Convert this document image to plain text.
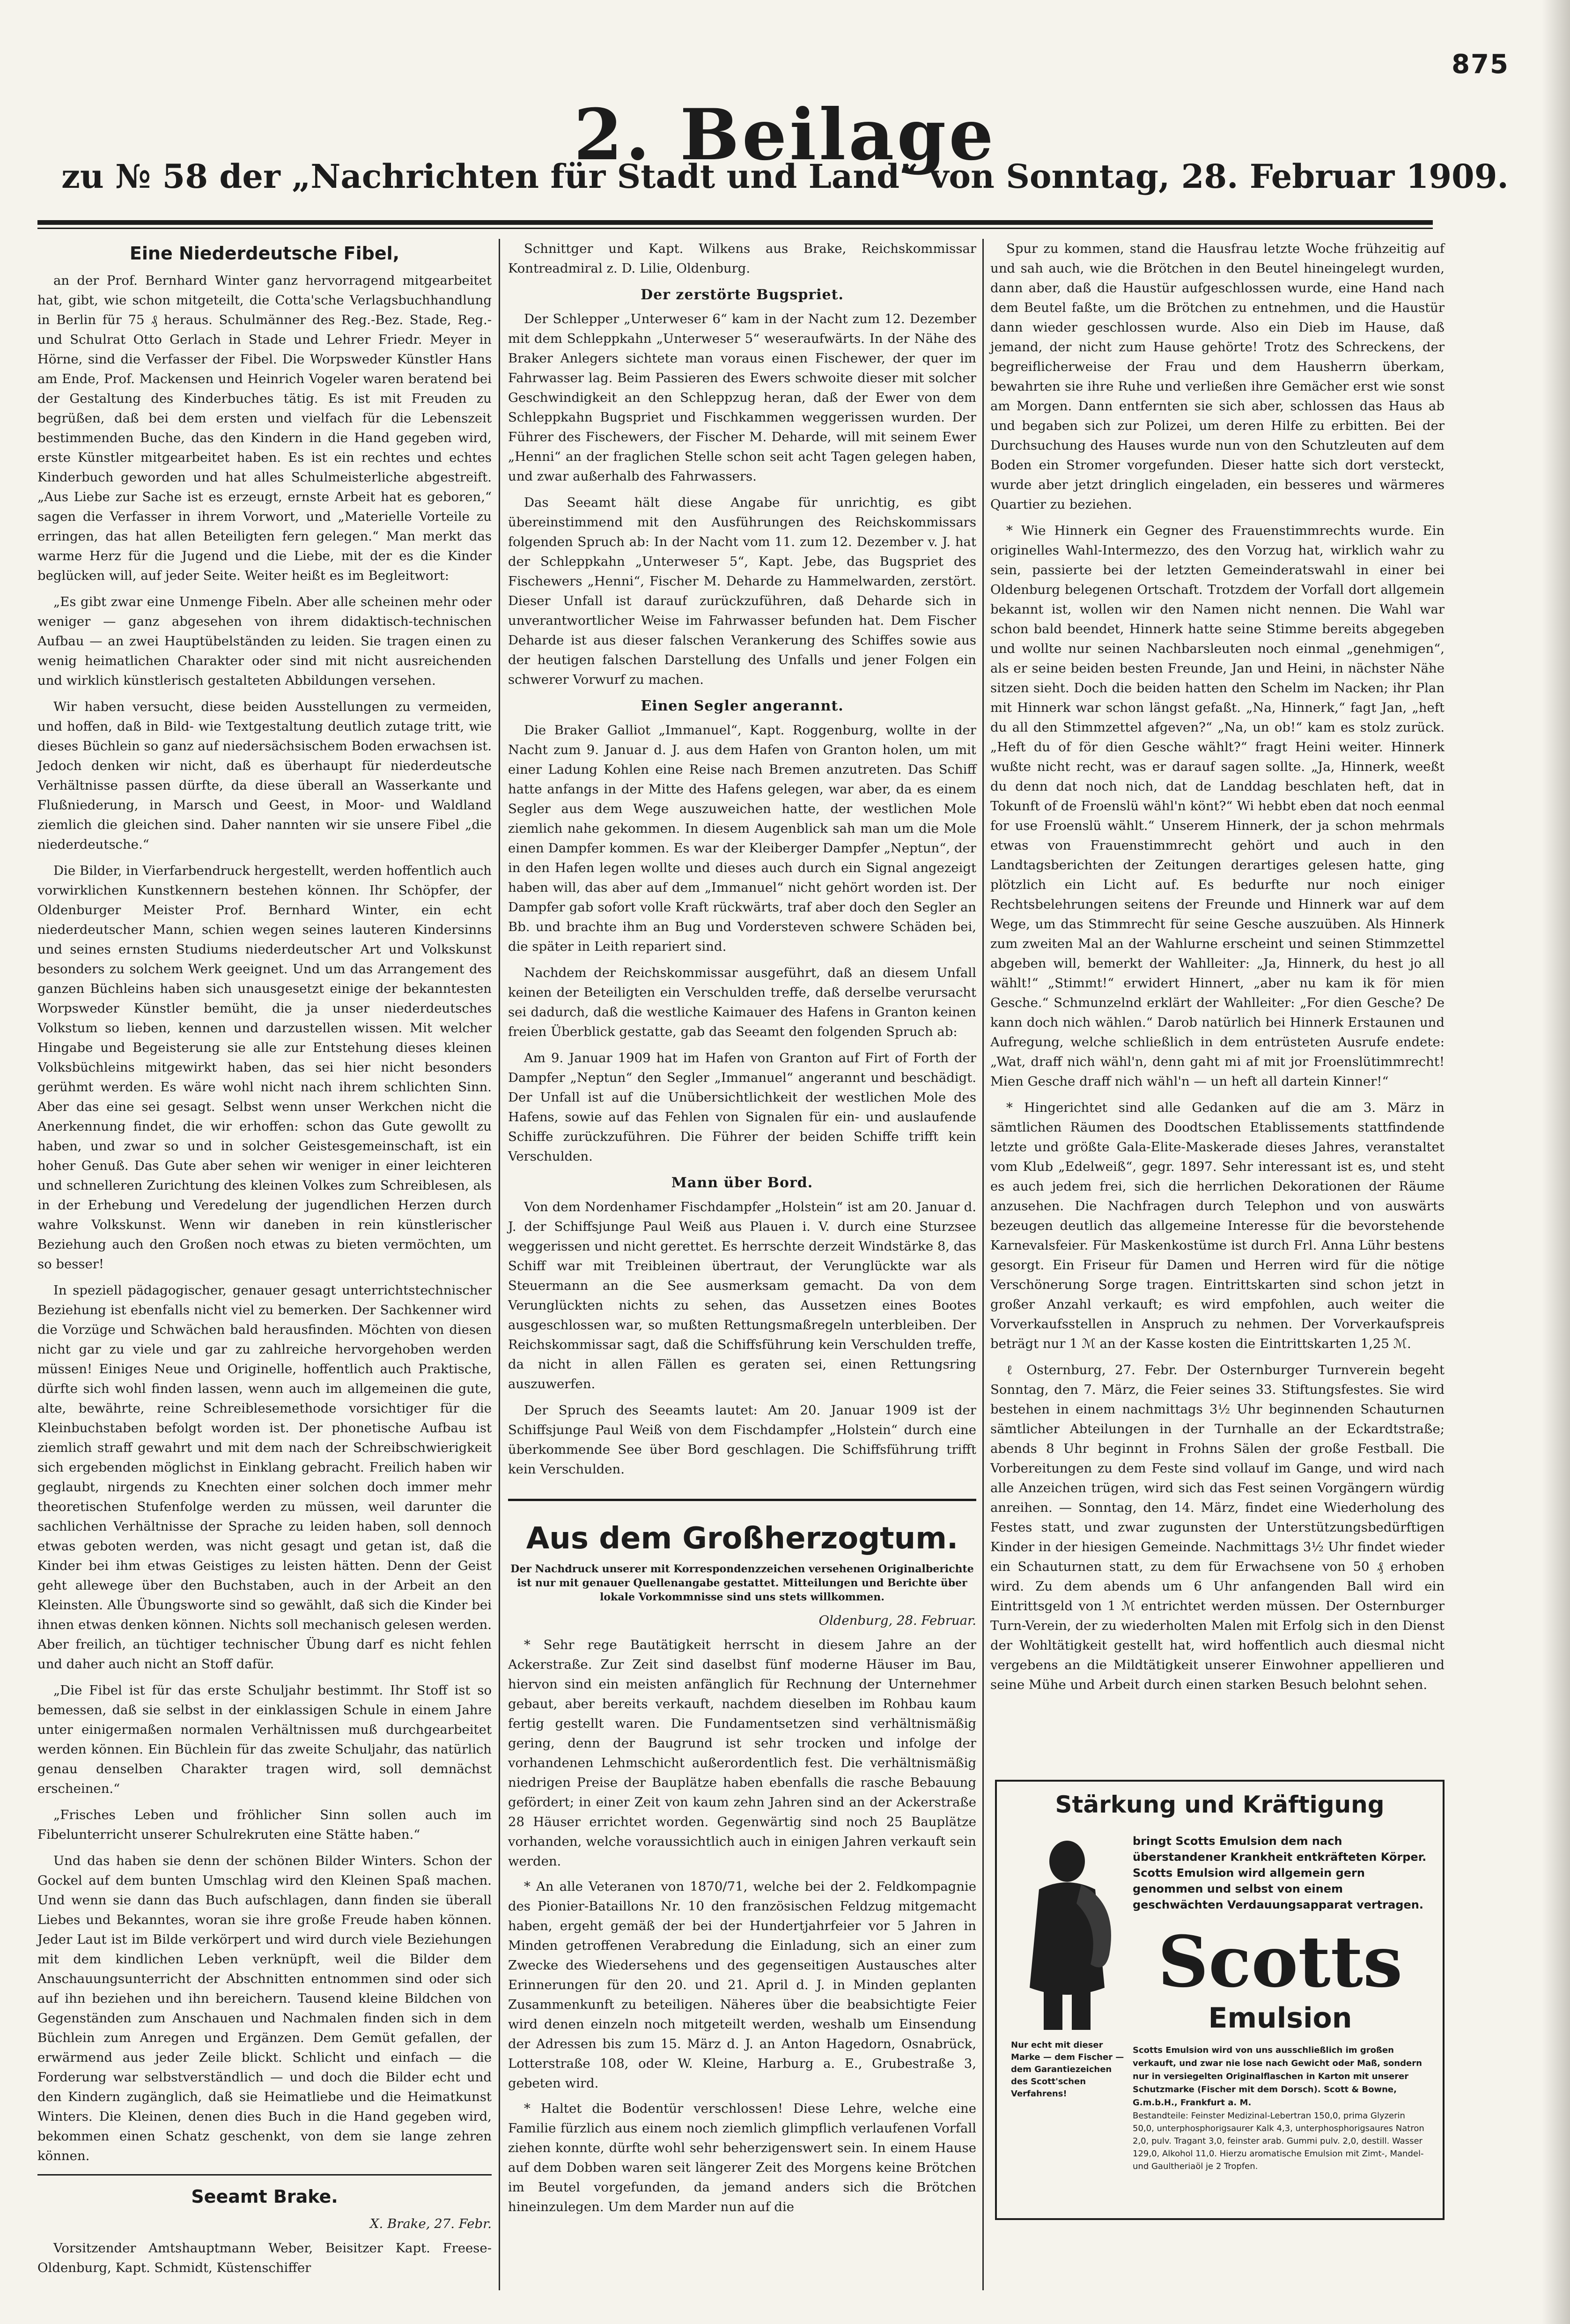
875
2. Beilage
zu № 58 der „Nachrichten für Stadt und Land“ von Sonntag, 28. Februar 1909.
Eine Niederdeutsche Fibel,

an der Prof. Bernhard Winter ganz hervorragend mitgearbeitet hat, gibt, wie schon mitgeteilt, die Cotta'sche Verlagsbuchhandlung in Berlin für 75 ₰ heraus. Schulmänner des Reg.-Bez. Stade, Reg.- und Schulrat Otto Gerlach in Stade und Lehrer Friedr. Meyer in Hörne, sind die Verfasser der Fibel. Die Worpsweder Künstler Hans am Ende, Prof. Mackensen und Heinrich Vogeler waren beratend bei der Gestaltung des Kinderbuches tätig. Es ist mit Freuden zu begrüßen, daß bei dem ersten und vielfach für die Lebenszeit bestimmenden Buche, das den Kindern in die Hand gegeben wird, erste Künstler mitgearbeitet haben. Es ist ein rechtes und echtes Kinderbuch geworden und hat alles Schulmeisterliche abgestreift. „Aus Liebe zur Sache ist es erzeugt, ernste Arbeit hat es geboren,“ sagen die Verfasser in ihrem Vorwort, und „Materielle Vorteile zu erringen, das hat allen Beteiligten fern gelegen.“ Man merkt das warme Herz für die Jugend und die Liebe, mit der es die Kinder beglücken will, auf jeder Seite. Weiter heißt es im Begleitwort:

„Es gibt zwar eine Unmenge Fibeln. Aber alle scheinen mehr oder weniger — ganz abgesehen von ihrem didaktisch-technischen Aufbau — an zwei Hauptübelständen zu leiden. Sie tragen einen zu wenig heimatlichen Charakter oder sind mit nicht ausreichenden und wirklich künstlerisch gestalteten Abbildungen versehen.

Wir haben versucht, diese beiden Ausstellungen zu vermeiden, und hoffen, daß in Bild- wie Textgestaltung deutlich zutage tritt, wie dieses Büchlein so ganz auf niedersächsischem Boden erwachsen ist. Jedoch denken wir nicht, daß es überhaupt für niederdeutsche Verhältnisse passen dürfte, da diese überall an Wasserkante und Flußniederung, in Marsch und Geest, in Moor- und Waldland ziemlich die gleichen sind. Daher nannten wir sie unsere Fibel „die niederdeutsche.“

Die Bilder, in Vierfarbendruck hergestellt, werden hoffentlich auch vorwirklichen Kunstkennern bestehen können. Ihr Schöpfer, der Oldenburger Meister Prof. Bernhard Winter, ein echt niederdeutscher Mann, schien wegen seines lauteren Kindersinns und seines ernsten Studiums niederdeutscher Art und Volkskunst besonders zu solchem Werk geeignet. Und um das Arrangement des ganzen Büchleins haben sich unausgesetzt einige der bekanntesten Worpsweder Künstler bemüht, die ja unser niederdeutsches Volkstum so lieben, kennen und darzustellen wissen. Mit welcher Hingabe und Begeisterung sie alle zur Entstehung dieses kleinen Volksbüchleins mitgewirkt haben, das sei hier nicht besonders gerühmt werden. Es wäre wohl nicht nach ihrem schlichten Sinn. Aber das eine sei gesagt. Selbst wenn unser Werkchen nicht die Anerkennung findet, die wir erhoffen: schon das Gute gewollt zu haben, und zwar so und in solcher Geistesgemeinschaft, ist ein hoher Genuß. Das Gute aber sehen wir weniger in einer leichteren und schnelleren Zurichtung des kleinen Volkes zum Schreiblesen, als in der Erhebung und Veredelung der jugendlichen Herzen durch wahre Volkskunst. Wenn wir daneben in rein künstlerischer Beziehung auch den Großen noch etwas zu bieten vermöchten, um so besser!

In speziell pädagogischer, genauer gesagt unterrichtstechnischer Beziehung ist ebenfalls nicht viel zu bemerken. Der Sachkenner wird die Vorzüge und Schwächen bald herausfinden. Möchten von diesen nicht gar zu viele und gar zu zahlreiche hervorgehoben werden müssen! Einiges Neue und Originelle, hoffentlich auch Praktische, dürfte sich wohl finden lassen, wenn auch im allgemeinen die gute, alte, bewährte, reine Schreiblesemethode vorsichtiger für die Kleinbuchstaben befolgt worden ist. Der phonetische Aufbau ist ziemlich straff gewahrt und mit dem nach der Schreibschwierigkeit sich ergebenden möglichst in Einklang gebracht. Freilich haben wir geglaubt, nirgends zu Knechten einer solchen doch immer mehr theoretischen Stufenfolge werden zu müssen, weil darunter die sachlichen Verhältnisse der Sprache zu leiden haben, soll dennoch etwas geboten werden, was nicht gesagt und getan ist, daß die Kinder bei ihm etwas Geistiges zu leisten hätten. Denn der Geist geht allewege über den Buchstaben, auch in der Arbeit an den Kleinsten. Alle Übungsworte sind so gewählt, daß sich die Kinder bei ihnen etwas denken können. Nichts soll mechanisch gelesen werden. Aber freilich, an tüchtiger technischer Übung darf es nicht fehlen und daher auch nicht an Stoff dafür.

„Die Fibel ist für das erste Schuljahr bestimmt. Ihr Stoff ist so bemessen, daß sie selbst in der einklassigen Schule in einem Jahre unter einigermaßen normalen Verhältnissen muß durchgearbeitet werden können. Ein Büchlein für das zweite Schuljahr, das natürlich genau denselben Charakter tragen wird, soll demnächst erscheinen.“

„Frisches Leben und fröhlicher Sinn sollen auch im Fibelunterricht unserer Schulrekruten eine Stätte haben.“

Und das haben sie denn der schönen Bilder Winters. Schon der Gockel auf dem bunten Umschlag wird den Kleinen Spaß machen. Und wenn sie dann das Buch aufschlagen, dann finden sie überall Liebes und Bekanntes, woran sie ihre große Freude haben können. Jeder Laut ist im Bilde verkörpert und wird durch viele Beziehungen mit dem kindlichen Leben verknüpft, weil die Bilder dem Anschauungsunterricht der Abschnitten entnommen sind oder sich auf ihn beziehen und ihn bereichern. Tausend kleine Bildchen von Gegenständen zum Anschauen und Nachmalen finden sich in dem Büchlein zum Anregen und Ergänzen. Dem Gemüt gefallen, der erwärmend aus jeder Zeile blickt. Schlicht und einfach — die Forderung war selbstverständlich — und doch die Bilder echt und den Kindern zugänglich, daß sie Heimatliebe und die Heimatkunst Winters. Die Kleinen, denen dies Buch in die Hand gegeben wird, bekommen einen Schatz geschenkt, von dem sie lange zehren können.

Seeamt Brake.
X. Brake, 27. Febr.

Vorsitzender Amtshauptmann Weber, Beisitzer Kapt. Freese-Oldenburg, Kapt. Schmidt, Küstenschiffer

Schnittger und Kapt. Wilkens aus Brake, Reichskommissar Kontreadmiral z. D. Lilie, Oldenburg.

Der zerstörte Bugspriet.

Der Schlepper „Unterweser 6“ kam in der Nacht zum 12. Dezember mit dem Schleppkahn „Unterweser 5“ weseraufwärts. In der Nähe des Braker Anlegers sichtete man voraus einen Fischewer, der quer im Fahrwasser lag. Beim Passieren des Ewers schwoite dieser mit solcher Geschwindigkeit an den Schleppzug heran, daß der Ewer von dem Schleppkahn Bugspriet und Fischkammen weggerissen wurden. Der Führer des Fischewers, der Fischer M. Deharde, will mit seinem Ewer „Henni“ an der fraglichen Stelle schon seit acht Tagen gelegen haben, und zwar außerhalb des Fahrwassers.

Das Seeamt hält diese Angabe für unrichtig, es gibt übereinstimmend mit den Ausführungen des Reichskommissars folgenden Spruch ab: In der Nacht vom 11. zum 12. Dezember v. J. hat der Schleppkahn „Unterweser 5“, Kapt. Jebe, das Bugspriet des Fischewers „Henni“, Fischer M. Deharde zu Hammelwarden, zerstört. Dieser Unfall ist darauf zurückzuführen, daß Deharde sich in unverantwortlicher Weise im Fahrwasser befunden hat. Dem Fischer Deharde ist aus dieser falschen Verankerung des Schiffes sowie aus der heutigen falschen Darstellung des Unfalls und jener Folgen ein schwerer Vorwurf zu machen.

Einen Segler angerannt.

Die Braker Galliot „Immanuel“, Kapt. Roggenburg, wollte in der Nacht zum 9. Januar d. J. aus dem Hafen von Granton holen, um mit einer Ladung Kohlen eine Reise nach Bremen anzutreten. Das Schiff hatte anfangs in der Mitte des Hafens gelegen, war aber, da es einem Segler aus dem Wege auszuweichen hatte, der westlichen Mole ziemlich nahe gekommen. In diesem Augenblick sah man um die Mole einen Dampfer kommen. Es war der Kleiberger Dampfer „Neptun“, der in den Hafen legen wollte und dieses auch durch ein Signal angezeigt haben will, das aber auf dem „Immanuel“ nicht gehört worden ist. Der Dampfer gab sofort volle Kraft rückwärts, traf aber doch den Segler an Bb. und brachte ihm an Bug und Vordersteven schwere Schäden bei, die später in Leith repariert sind.

Nachdem der Reichskommissar ausgeführt, daß an diesem Unfall keinen der Beteiligten ein Verschulden treffe, daß derselbe verursacht sei dadurch, daß die westliche Kaimauer des Hafens in Granton keinen freien Überblick gestatte, gab das Seeamt den folgenden Spruch ab:

Am 9. Januar 1909 hat im Hafen von Granton auf Firt of Forth der Dampfer „Neptun“ den Segler „Immanuel“ angerannt und beschädigt. Der Unfall ist auf die Unübersichtlichkeit der westlichen Mole des Hafens, sowie auf das Fehlen von Signalen für ein- und auslaufende Schiffe zurückzuführen. Die Führer der beiden Schiffe trifft kein Verschulden.

Mann über Bord.

Von dem Nordenhamer Fischdampfer „Holstein“ ist am 20. Januar d. J. der Schiffsjunge Paul Weiß aus Plauen i. V. durch eine Sturzsee weggerissen und nicht gerettet. Es herrschte derzeit Windstärke 8, das Schiff war mit Treibleinen übertraut, der Verunglückte war als Steuermann an die See ausmerksam gemacht. Da von dem Verunglückten nichts zu sehen, das Aussetzen eines Bootes ausgeschlossen war, so mußten Rettungsmaßregeln unterbleiben. Der Reichskommissar sagt, daß die Schiffsführung kein Verschulden treffe, da nicht in allen Fällen es geraten sei, einen Rettungsring auszuwerfen.

Der Spruch des Seeamts lautet: Am 20. Januar 1909 ist der Schiffsjunge Paul Weiß von dem Fischdampfer „Holstein“ durch eine überkommende See über Bord geschlagen. Die Schiffsführung trifft kein Verschulden.

Aus dem Großherzogtum.
Der Nachdruck unserer mit Korrespondenzzeichen versehenen Originalberichte ist nur mit genauer Quellenangabe gestattet. Mitteilungen und Berichte über lokale Vorkommnisse sind uns stets willkommen.
Oldenburg, 28. Februar.

* Sehr rege Bautätigkeit herrscht in diesem Jahre an der Ackerstraße. Zur Zeit sind daselbst fünf moderne Häuser im Bau, hiervon sind ein meisten anfänglich für Rechnung der Unternehmer gebaut, aber bereits verkauft, nachdem dieselben im Rohbau kaum fertig gestellt waren. Die Fundamentsetzen sind verhältnismäßig gering, denn der Baugrund ist sehr trocken und infolge der vorhandenen Lehmschicht außerordentlich fest. Die verhältnismäßig niedrigen Preise der Bauplätze haben ebenfalls die rasche Bebauung gefördert; in einer Zeit von kaum zehn Jahren sind an der Ackerstraße 28 Häuser errichtet worden. Gegenwärtig sind noch 25 Bauplätze vorhanden, welche voraussichtlich auch in einigen Jahren verkauft sein werden.

* An alle Veteranen von 1870/71, welche bei der 2. Feldkompagnie des Pionier-Bataillons Nr. 10 den französischen Feldzug mitgemacht haben, ergeht gemäß der bei der Hundertjahrfeier vor 5 Jahren in Minden getroffenen Verabredung die Einladung, sich an einer zum Zwecke des Wiedersehens und des gegenseitigen Austausches alter Erinnerungen für den 20. und 21. April d. J. in Minden geplanten Zusammenkunft zu beteiligen. Näheres über die beabsichtigte Feier wird denen einzeln noch mitgeteilt werden, weshalb um Einsendung der Adressen bis zum 15. März d. J. an Anton Hagedorn, Osnabrück, Lotterstraße 108, oder W. Kleine, Harburg a. E., Grubestraße 3, gebeten wird.

* Haltet die Bodentür verschlossen! Diese Lehre, welche eine Familie fürzlich aus einem noch ziemlich glimpflich verlaufenen Vorfall ziehen konnte, dürfte wohl sehr beherzigenswert sein. In einem Hause auf dem Dobben waren seit längerer Zeit des Morgens keine Brötchen im Beutel vorgefunden, da jemand anders sich die Brötchen hineinzulegen. Um dem Marder nun auf die

Spur zu kommen, stand die Hausfrau letzte Woche frühzeitig auf und sah auch, wie die Brötchen in den Beutel hineingelegt wurden, dann aber, daß die Haustür aufgeschlossen wurde, eine Hand nach dem Beutel faßte, um die Brötchen zu entnehmen, und die Haustür dann wieder geschlossen wurde. Also ein Dieb im Hause, daß jemand, der nicht zum Hause gehörte! Trotz des Schreckens, der begreiflicherweise der Frau und dem Hausherrn überkam, bewahrten sie ihre Ruhe und verließen ihre Gemächer erst wie sonst am Morgen. Dann entfernten sie sich aber, schlossen das Haus ab und begaben sich zur Polizei, um deren Hilfe zu erbitten. Bei der Durchsuchung des Hauses wurde nun von den Schutzleuten auf dem Boden ein Stromer vorgefunden. Dieser hatte sich dort versteckt, wurde aber jetzt dringlich eingeladen, ein besseres und wärmeres Quartier zu beziehen.

* Wie Hinnerk ein Gegner des Frauenstimmrechts wurde. Ein originelles Wahl-Intermezzo, des den Vorzug hat, wirklich wahr zu sein, passierte bei der letzten Gemeinderatswahl in einer bei Oldenburg belegenen Ortschaft. Trotzdem der Vorfall dort allgemein bekannt ist, wollen wir den Namen nicht nennen. Die Wahl war schon bald beendet, Hinnerk hatte seine Stimme bereits abgegeben und wollte nur seinen Nachbarsleuten noch einmal „genehmigen“, als er seine beiden besten Freunde, Jan und Heini, in nächster Nähe sitzen sieht. Doch die beiden hatten den Schelm im Nacken; ihr Plan mit Hinnerk war schon längst gefaßt. „Na, Hinnerk,“ fagt Jan, „heft du all den Stimmzettel afgeven?“ „Na, un ob!“ kam es stolz zurück. „Heft du of för dien Gesche wählt?“ fragt Heini weiter. Hinnerk wußte nicht recht, was er darauf sagen sollte. „Ja, Hinnerk, weeßt du denn dat noch nich, dat de Landdag beschlaten heft, dat in Tokunft of de Froenslü wähl'n könt?“ Wi hebbt eben dat noch eenmal for use Froenslü wählt.“ Unserem Hinnerk, der ja schon mehrmals etwas von Frauenstimmrecht gehört und auch in den Landtagsberichten der Zeitungen derartiges gelesen hatte, ging plötzlich ein Licht auf. Es bedurfte nur noch einiger Rechtsbelehrungen seitens der Freunde und Hinnerk war auf dem Wege, um das Stimmrecht für seine Gesche auszuüben. Als Hinnerk zum zweiten Mal an der Wahlurne erscheint und seinen Stimmzettel abgeben will, bemerkt der Wahlleiter: „Ja, Hinnerk, du hest jo all wählt!“ „Stimmt!“ erwidert Hinnert, „aber nu kam ik för mien Gesche.“ Schmunzelnd erklärt der Wahlleiter: „For dien Gesche? De kann doch nich wählen.“ Darob natürlich bei Hinnerk Erstaunen und Aufregung, welche schließlich in dem entrüsteten Ausrufe endete: „Wat, draff nich wähl'n, denn gaht mi af mit jor Froenslütimmrecht! Mien Gesche draff nich wähl'n — un heft all dartein Kinner!“

* Hingerichtet sind alle Gedanken auf die am 3. März in sämtlichen Räumen des Doodtschen Etablissements stattfindende letzte und größte Gala-Elite-Maskerade dieses Jahres, veranstaltet vom Klub „Edelweiß“, gegr. 1897. Sehr interessant ist es, und steht es auch jedem frei, sich die herrlichen Dekorationen der Räume anzusehen. Die Nachfragen durch Telephon und von auswärts bezeugen deutlich das allgemeine Interesse für die bevorstehende Karnevalsfeier. Für Maskenkostüme ist durch Frl. Anna Lühr bestens gesorgt. Ein Friseur für Damen und Herren wird für die nötige Verschönerung Sorge tragen. Eintrittskarten sind schon jetzt in großer Anzahl verkauft; es wird empfohlen, auch weiter die Vorverkaufsstellen in Anspruch zu nehmen. Der Vorverkaufspreis beträgt nur 1 ℳ an der Kasse kosten die Eintrittskarten 1,25 ℳ.

ℓ Osternburg, 27. Febr. Der Osternburger Turnverein begeht Sonntag, den 7. März, die Feier seines 33. Stiftungsfestes. Sie wird bestehen in einem nachmittags 3½ Uhr beginnenden Schauturnen sämtlicher Abteilungen in der Turnhalle an der Eckardtstraße; abends 8 Uhr beginnt in Frohns Sälen der große Festball. Die Vorbereitungen zu dem Feste sind vollauf im Gange, und wird nach alle Anzeichen trügen, wird sich das Fest seinen Vorgängern würdig anreihen. — Sonntag, den 14. März, findet eine Wiederholung des Festes statt, und zwar zugunsten der Unterstützungsbedürftigen Kinder in der hiesigen Gemeinde. Nachmittags 3½ Uhr findet wieder ein Schauturnen statt, zu dem für Erwachsene von 50 ₰ erhoben wird. Zu dem abends um 6 Uhr anfangenden Ball wird ein Eintrittsgeld von 1 ℳ entrichtet werden müssen. Der Osternburger Turn-Verein, der zu wiederholten Malen mit Erfolg sich in den Dienst der Wohltätigkeit gestellt hat, wird hoffentlich auch diesmal nicht vergebens an die Mildtätigkeit unserer Einwohner appellieren und seine Mühe und Arbeit durch einen starken Besuch belohnt sehen.

Stärkung und Kräftigung
bringt Scotts Emulsion dem nach überstandener Krankheit entkräfteten Körper. Scotts Emulsion wird allgemein gern genommen und selbst von einem geschwächten Verdauungsapparat vertragen.
Scotts
Emulsion
Nur echt mit dieser Marke — dem Fischer — dem Garantiezeichen des Scott'schen Verfahrens!
Scotts Emulsion wird von uns ausschließlich im großen verkauft, und zwar nie lose nach Gewicht oder Maß, sondern nur in versiegelten Originalflaschen in Karton mit unserer Schutzmarke (Fischer mit dem Dorsch). Scott & Bowne, G.m.b.H., Frankfurt a. M.
Bestandteile: Feinster Medizinal-Lebertran 150,0, prima Glyzerin 50,0, unterphosphorigsaurer Kalk 4,3, unterphosphorigsaures Natron 2,0, pulv. Tragant 3,0, feinster arab. Gummi pulv. 2,0, destill. Wasser 129,0, Alkohol 11,0. Hierzu aromatische Emulsion mit Zimt-, Mandel- und Gaultheriaöl je 2 Tropfen.
